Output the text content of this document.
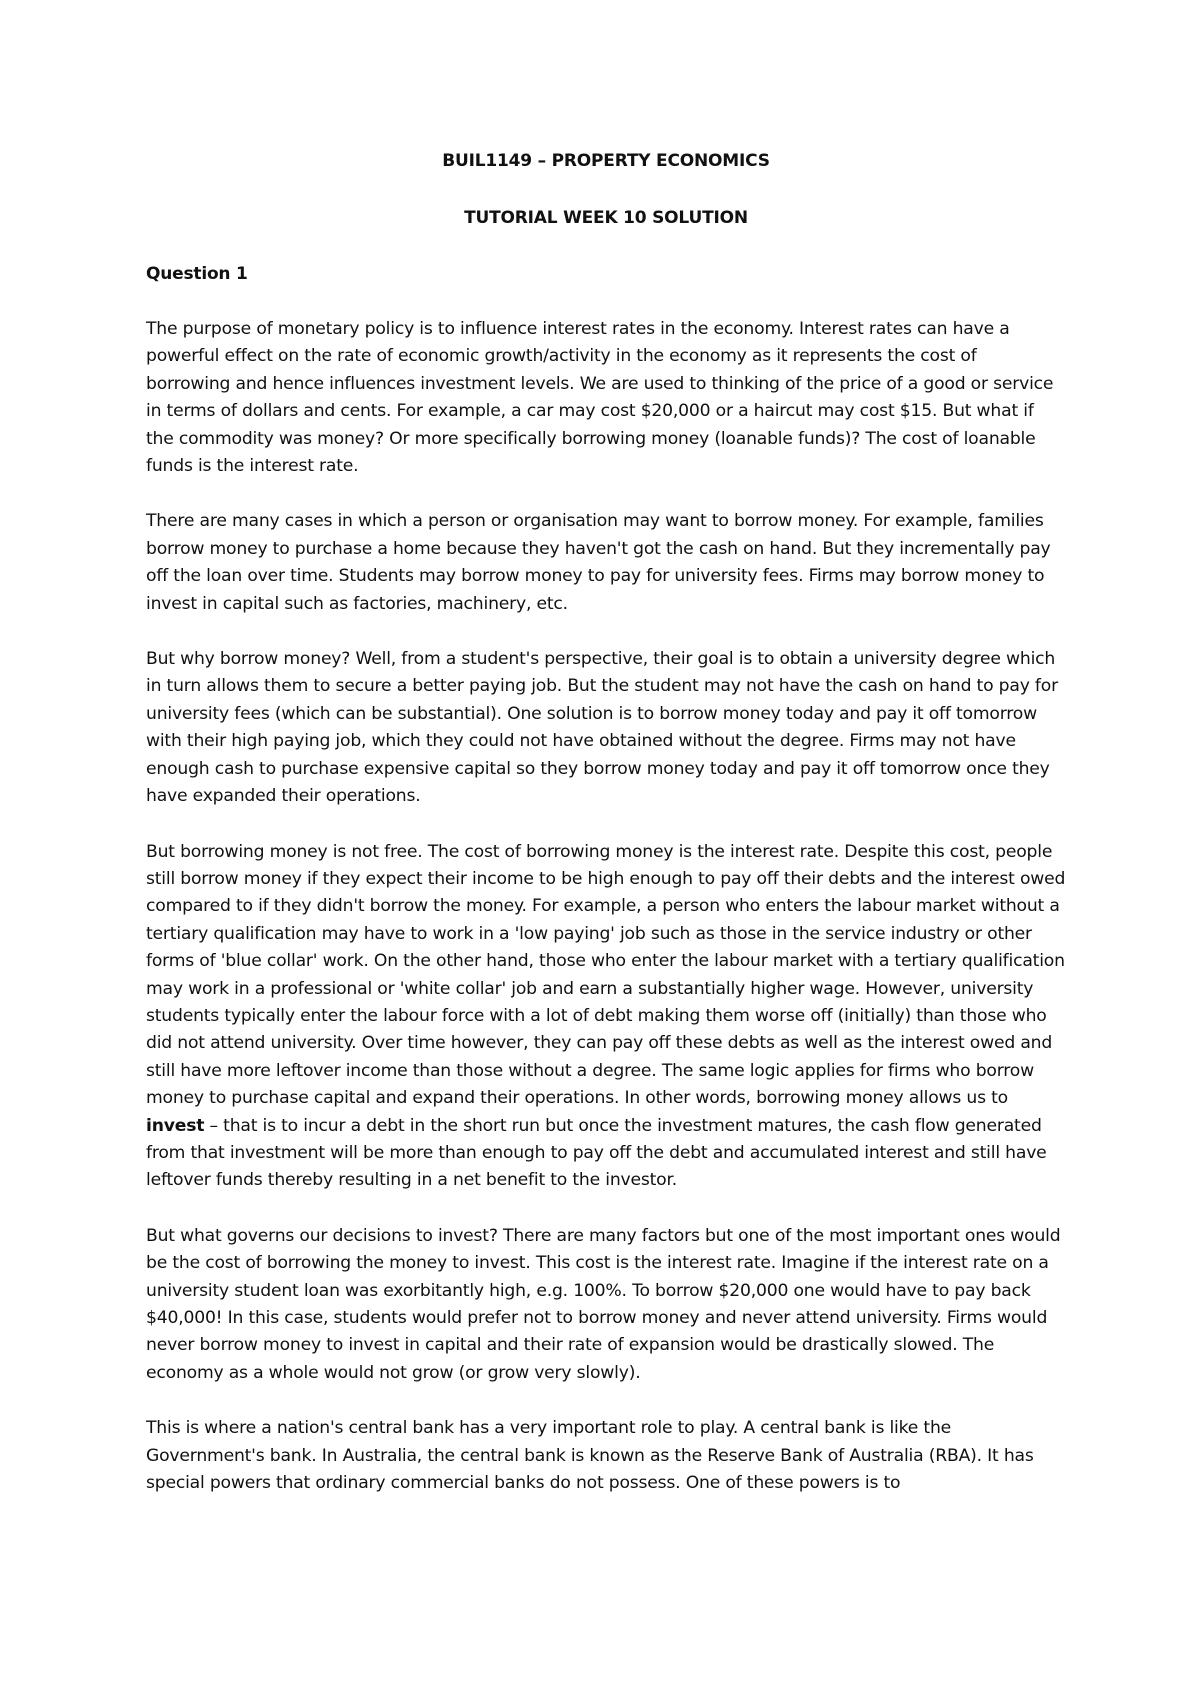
BUIL1149 – PROPERTY ECONOMICS

TUTORIAL WEEK 10 SOLUTION

Question 1

The purpose of monetary policy is to influence interest rates in the economy. Interest rates can have a powerful effect on the rate of economic growth/activity in the economy as it represents the cost of borrowing and hence influences investment levels. We are used to thinking of the price of a good or service in terms of dollars and cents. For example, a car may cost $20,000 or a haircut may cost $15. But what if the commodity was money? Or more specifically borrowing money (loanable funds)? The cost of loanable funds is the interest rate.

There are many cases in which a person or organisation may want to borrow money. For example, families borrow money to purchase a home because they haven't got the cash on hand. But they incrementally pay off the loan over time. Students may borrow money to pay for university fees. Firms may borrow money to invest in capital such as factories, machinery, etc.

But why borrow money? Well, from a student's perspective, their goal is to obtain a university degree which in turn allows them to secure a better paying job. But the student may not have the cash on hand to pay for university fees (which can be substantial). One solution is to borrow money today and pay it off tomorrow with their high paying job, which they could not have obtained without the degree. Firms may not have enough cash to purchase expensive capital so they borrow money today and pay it off tomorrow once they have expanded their operations.

But borrowing money is not free. The cost of borrowing money is the interest rate. Despite this cost, people still borrow money if they expect their income to be high enough to pay off their debts and the interest owed compared to if they didn't borrow the money. For example, a person who enters the labour market without a tertiary qualification may have to work in a 'low paying' job such as those in the service industry or other forms of 'blue collar' work. On the other hand, those who enter the labour market with a tertiary qualification may work in a professional or 'white collar' job and earn a substantially higher wage. However, university students typically enter the labour force with a lot of debt making them worse off (initially) than those who did not attend university. Over time however, they can pay off these debts as well as the interest owed and still have more leftover income than those without a degree. The same logic applies for firms who borrow money to purchase capital and expand their operations. In other words, borrowing money allows us to invest – that is to incur a debt in the short run but once the investment matures, the cash flow generated from that investment will be more than enough to pay off the debt and accumulated interest and still have leftover funds thereby resulting in a net benefit to the investor.

But what governs our decisions to invest? There are many factors but one of the most important ones would be the cost of borrowing the money to invest. This cost is the interest rate. Imagine if the interest rate on a university student loan was exorbitantly high, e.g. 100%. To borrow $20,000 one would have to pay back $40,000! In this case, students would prefer not to borrow money and never attend university. Firms would never borrow money to invest in capital and their rate of expansion would be drastically slowed. The economy as a whole would not grow (or grow very slowly).

This is where a nation's central bank has a very important role to play. A central bank is like the Government's bank. In Australia, the central bank is known as the Reserve Bank of Australia (RBA). It has special powers that ordinary commercial banks do not possess. One of these powers is to
